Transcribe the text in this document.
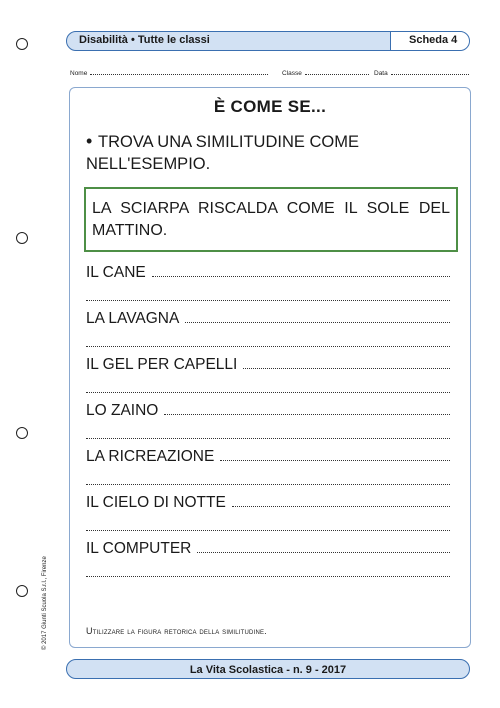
Disabilità • Tutte le classi	Scheda 4
Nome	Classe	Data
È COME SE...
• TROVA UNA SIMILITUDINE COME NELL'ESEMPIO.
LA SCIARPA RISCALDA COME IL SOLE DEL MATTINO.
IL CANE
LA LAVAGNA
IL GEL PER CAPELLI
LO ZAINO
LA RICREAZIONE
IL CIELO DI NOTTE
IL COMPUTER
Utilizzare la figura retorica della similitudine.
© 2017 Giunti Scuola S.r.l., Firenze
La Vita Scolastica - n. 9 - 2017
